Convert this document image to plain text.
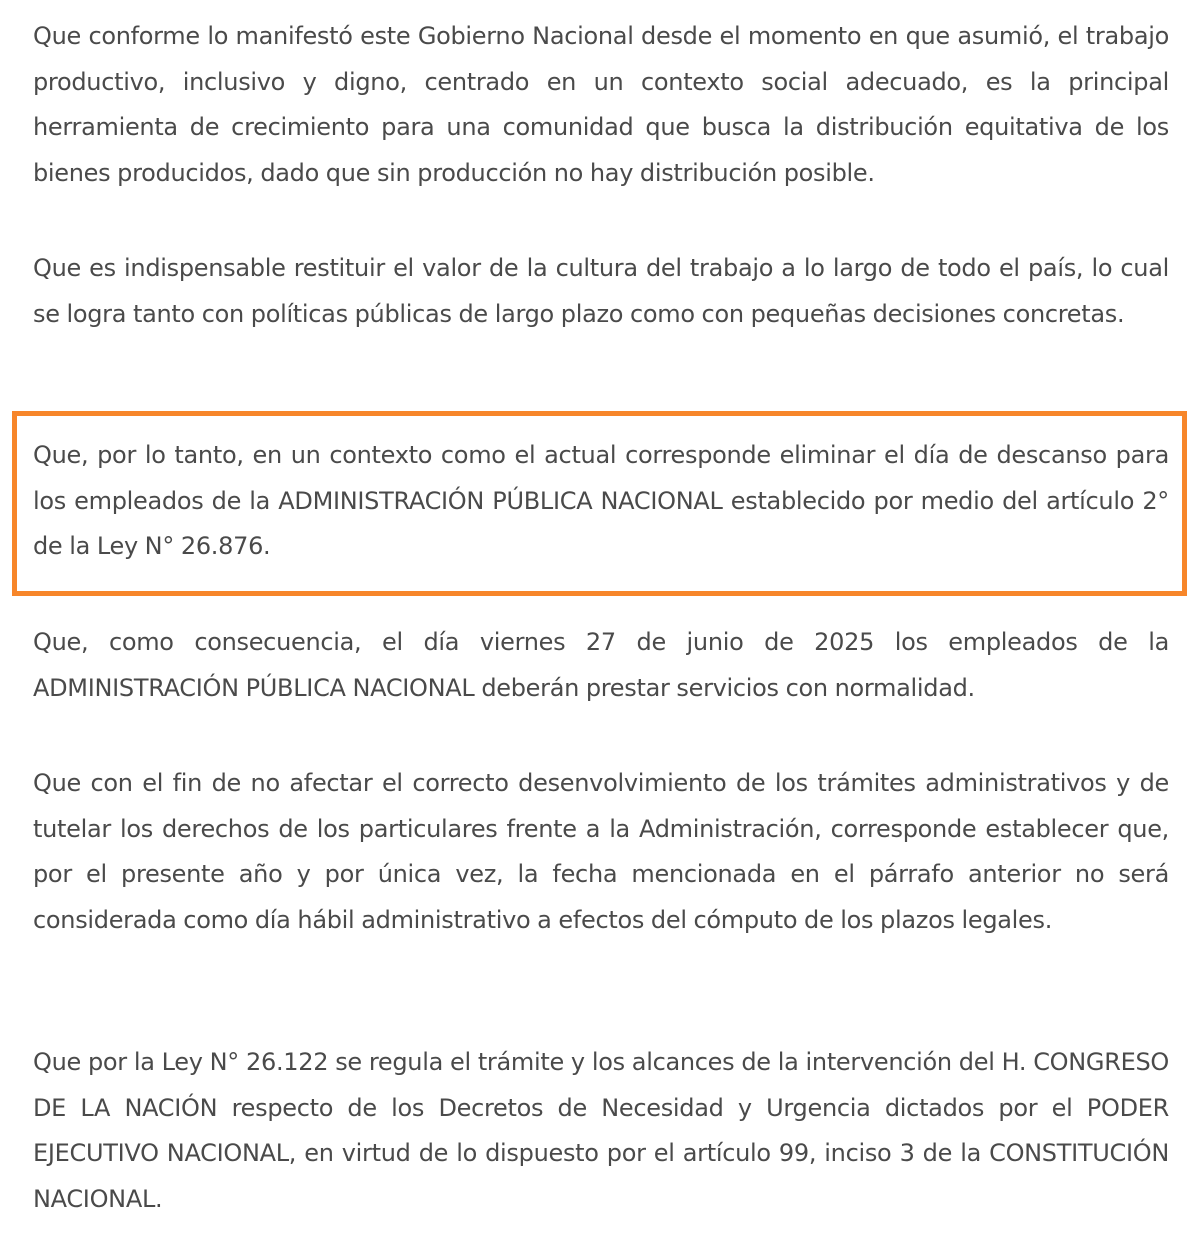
Que conforme lo manifestó este Gobierno Nacional desde el momento en que asumió, el trabajo productivo, inclusivo y digno, centrado en un contexto social adecuado, es la principal herramienta de crecimiento para una comunidad que busca la distribución equitativa de los bienes producidos, dado que sin producción no hay distribución posible.

Que es indispensable restituir el valor de la cultura del trabajo a lo largo de todo el país, lo cual se logra tanto con políticas públicas de largo plazo como con pequeñas decisiones concretas.

Que, por lo tanto, en un contexto como el actual corresponde eliminar el día de descanso para los empleados de la ADMINISTRACIÓN PÚBLICA NACIONAL establecido por medio del artículo 2° de la Ley N° 26.876.

Que, como consecuencia, el día viernes 27 de junio de 2025 los empleados de la ADMINISTRACIÓN PÚBLICA NACIONAL deberán prestar servicios con normalidad.

Que con el fin de no afectar el correcto desenvolvimiento de los trámites administrativos y de tutelar los derechos de los particulares frente a la Administración, corresponde establecer que, por el presente año y por única vez, la fecha mencionada en el párrafo anterior no será considerada como día hábil administrativo a efectos del cómputo de los plazos legales.

Que por la Ley N° 26.122 se regula el trámite y los alcances de la intervención del H. CONGRESO DE LA NACIÓN respecto de los Decretos de Necesidad y Urgencia dictados por el PODER EJECUTIVO NACIONAL, en virtud de lo dispuesto por el artículo 99, inciso 3 de la CONSTITUCIÓN NACIONAL.
